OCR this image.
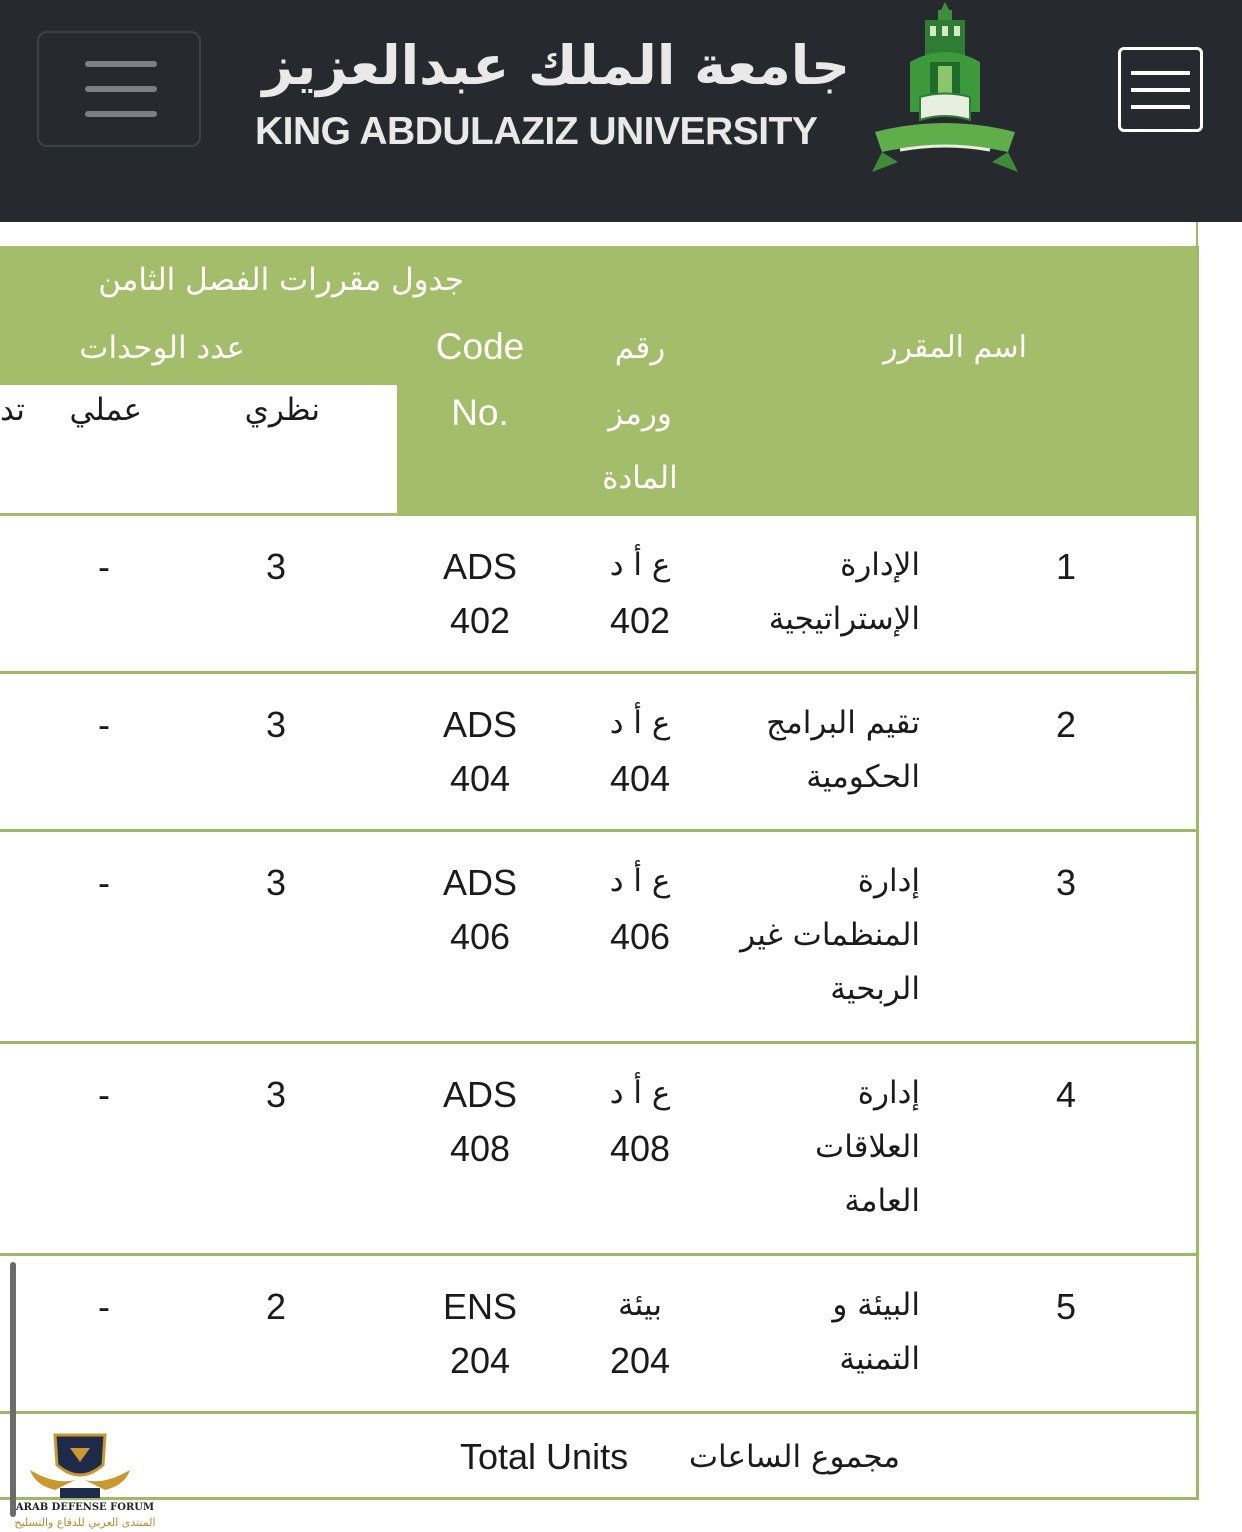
جامعة الملك عبدالعزيز
KING ABDULAZIZ UNIVERSITY
جدول مقررات الفصل الثامن
اسم المقرر
رقم
ورمز
المادة
Code
No.
عدد الوحدات
نظري
عملي
تد
1
الإدارة
الإستراتيجية
ع أ د
402
ADS
402
3
-
2
تقيم البرامج
الحكومية
ع أ د
404
ADS
404
3
-
3
إدارة
المنظمات غير
الربحية
ع أ د
406
ADS
406
3
-
4
إدارة
العلاقات
العامة
ع أ د
408
ADS
408
3
-
5
البيئة و
التمنية
بيئة
204
ENS
204
2
-
Total Units مجموع الساعات
ARAB DEFENSE FORUM
المنتدى العربي للدفاع والتسليح
